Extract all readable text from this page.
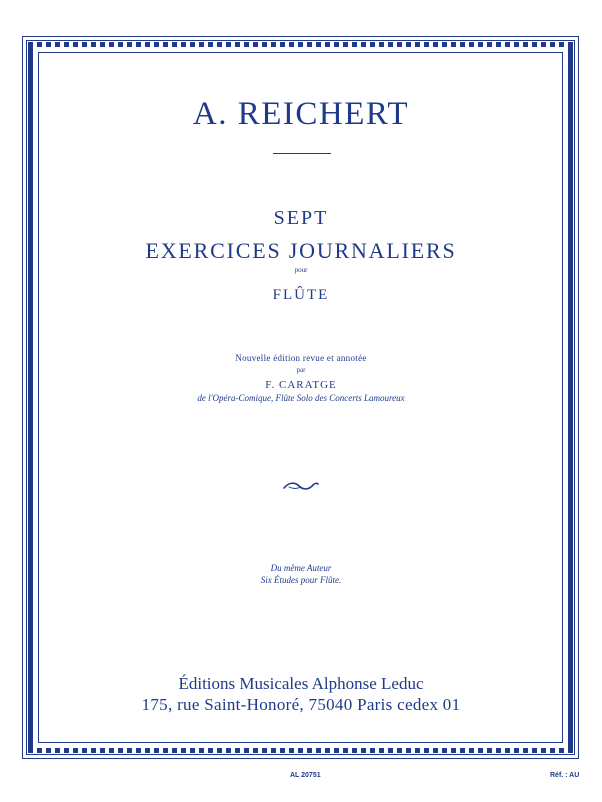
A. REICHERT
SEPT
EXERCICES JOURNALIERS
pour
FLÛTE
Nouvelle édition revue et annotée
par
F. CARATGE
de l'Opéra-Comique, Flûte Solo des Concerts Lamoureux
Du même Auteur
Six Études pour Flûte.
Éditions Musicales Alphonse Leduc
175, rue Saint-Honoré, 75040 Paris cedex 01
AL 20751	Réf. : AU
